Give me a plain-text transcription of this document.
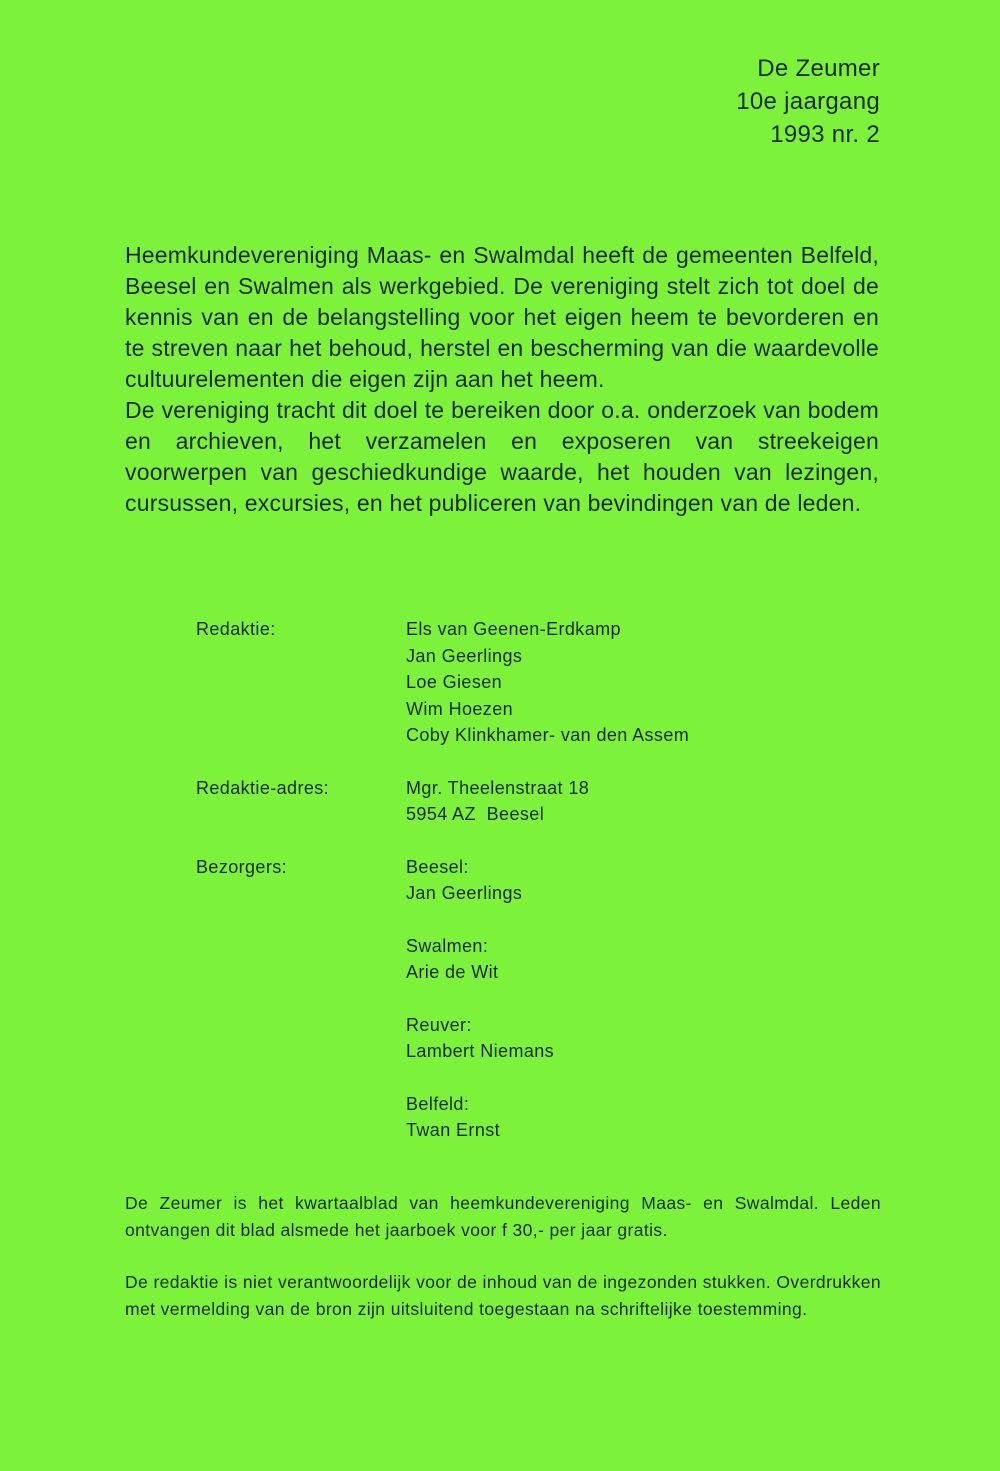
De Zeumer
10e jaargang
1993 nr. 2

Heemkundevereniging Maas- en Swalmdal heeft de gemeenten Belfeld, Beesel en Swalmen als werkgebied. De vereniging stelt zich tot doel de kennis van en de belangstelling voor het eigen heem te bevorderen en te streven naar het behoud, herstel en bescherming van die waardevolle cultuurelementen die eigen zijn aan het heem.

De vereniging tracht dit doel te bereiken door o.a. onderzoek van bodem en archieven, het verzamelen en exposeren van streekeigen voorwerpen van geschiedkundige waarde, het houden van lezingen, cursussen, excursies, en het publiceren van bevindingen van de leden.

Redaktie:	Els van Geenen-Erdkamp
Jan Geerlings
Loe Giesen
Wim Hoezen
Coby Klinkhamer- van den Assem
Redaktie-adres:	Mgr. Theelenstraat 18
5954 AZ  Beesel
Bezorgers:	Beesel:
Jan Geerlings
Swalmen:
Arie de Wit
Reuver:
Lambert Niemans
Belfeld:
Twan Ernst

De Zeumer is het kwartaalblad van heemkundevereniging Maas- en Swalmdal. Leden ontvangen dit blad alsmede het jaarboek voor f 30,- per jaar gratis.

De redaktie is niet verantwoordelijk voor de inhoud van de ingezonden stukken. Overdrukken met vermelding van de bron zijn uitsluitend toegestaan na schriftelijke toestemming.
